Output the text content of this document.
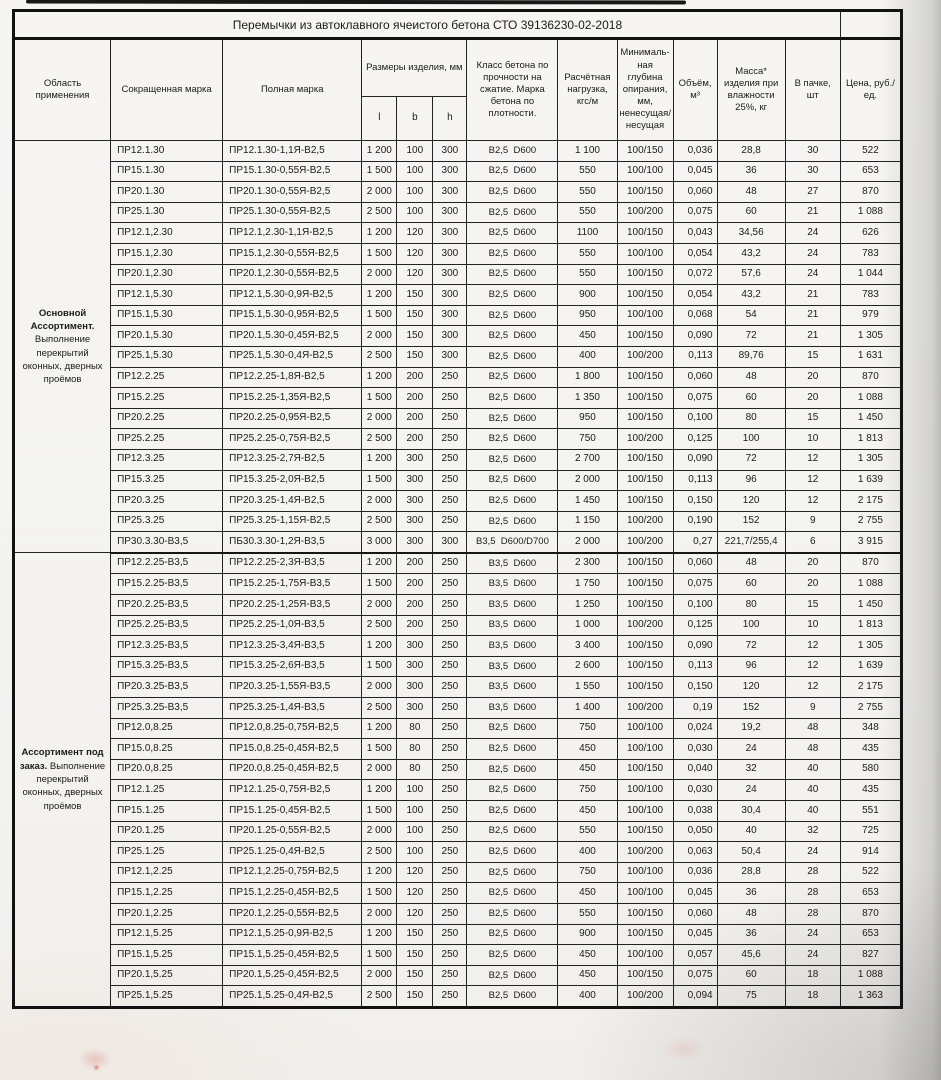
Перемычки из автоклавного ячеистого бетона СТО 39136230-02-2018												
Область применения	Сокращенная марка	Полная марка	Размеры изделия, мм			Класс бетона по прочности на сжатие. Марка бетона по плотности.	Расчётная нагрузка, кгс/м	Минималь-ная глубина опирания, мм, ненесущая/ несущая	Объём, м³	Масса* изделия при влажности 25%, кг	В пачке, шт	Цена, руб./ед.
			l	b	h							
Основной Ассортимент. Выполнение перекрытий оконных, дверных проёмов	ПР12.1.30	ПР12.1.30-1,1Я-В2,5	1 200	100	300	В2,5  D600	1 100	100/150	0,036	28,8	30	522
	ПР15.1.30	ПР15.1.30-0,55Я-В2,5	1 500	100	300	В2,5  D600	550	100/100	0,045	36	30	653
	ПР20.1.30	ПР20.1.30-0,55Я-В2,5	2 000	100	300	В2,5  D600	550	100/150	0,060	48	27	870
	ПР25.1.30	ПР25.1.30-0,55Я-В2,5	2 500	100	300	В2,5  D600	550	100/200	0,075	60	21	1 088
	ПР12.1,2.30	ПР12.1,2.30-1,1Я-В2,5	1 200	120	300	В2,5  D600	1100	100/150	0,043	34,56	24	626
	ПР15.1,2.30	ПР15.1,2.30-0,55Я-В2,5	1 500	120	300	В2,5  D600	550	100/100	0,054	43,2	24	783
	ПР20.1,2.30	ПР20.1,2.30-0,55Я-В2,5	2 000	120	300	В2,5  D600	550	100/150	0,072	57,6	24	1 044
	ПР12.1,5.30	ПР12.1,5.30-0,9Я-В2,5	1 200	150	300	В2,5  D600	900	100/150	0,054	43,2	21	783
	ПР15.1,5.30	ПР15.1,5.30-0,95Я-В2,5	1 500	150	300	В2,5  D600	950	100/100	0,068	54	21	979
	ПР20.1,5.30	ПР20.1,5.30-0,45Я-В2,5	2 000	150	300	В2,5  D600	450	100/150	0,090	72	21	1 305
	ПР25.1,5.30	ПР25.1,5.30-0,4Я-В2,5	2 500	150	300	В2,5  D600	400	100/200	0,113	89,76	15	1 631
	ПР12.2.25	ПР12.2.25-1,8Я-В2,5	1 200	200	250	В2,5  D600	1 800	100/150	0,060	48	20	870
	ПР15.2.25	ПР15.2.25-1,35Я-В2,5	1 500	200	250	В2,5  D600	1 350	100/150	0,075	60	20	1 088
	ПР20.2.25	ПР20.2.25-0,95Я-В2,5	2 000	200	250	В2,5  D600	950	100/150	0,100	80	15	1 450
	ПР25.2.25	ПР25.2.25-0,75Я-В2,5	2 500	200	250	В2,5  D600	750	100/200	0,125	100	10	1 813
	ПР12.3.25	ПР12.3.25-2,7Я-В2,5	1 200	300	250	В2,5  D600	2 700	100/150	0,090	72	12	1 305
	ПР15.3.25	ПР15.3.25-2,0Я-В2,5	1 500	300	250	В2,5  D600	2 000	100/150	0,113	96	12	1 639
	ПР20.3.25	ПР20.3.25-1,4Я-В2,5	2 000	300	250	В2,5  D600	1 450	100/150	0,150	120	12	2 175
	ПР25.3.25	ПР25.3.25-1,15Я-В2,5	2 500	300	250	В2,5  D600	1 150	100/200	0,190	152	9	2 755
	ПР30.3.30-В3,5	ПБ30.3.30-1,2Я-В3,5	3 000	300	300	В3,5  D600/D700	2 000	100/200	0,27	221,7/255,4	6	3 915
Ассортимент под заказ. Выполнение перекрытий оконных, дверных проёмов	ПР12.2.25-В3,5	ПР12.2.25-2,3Я-В3,5	1 200	200	250	В3,5  D600	2 300	100/150	0,060	48	20	870
	ПР15.2.25-В3,5	ПР15.2.25-1,75Я-В3,5	1 500	200	250	В3,5  D600	1 750	100/150	0,075	60	20	1 088
	ПР20.2.25-В3,5	ПР20.2.25-1,25Я-В3,5	2 000	200	250	В3,5  D600	1 250	100/150	0,100	80	15	1 450
	ПР25.2.25-В3,5	ПР25.2.25-1,0Я-В3,5	2 500	200	250	В3,5  D600	1 000	100/200	0,125	100	10	1 813
	ПР12.3.25-В3,5	ПР12.3.25-3,4Я-В3,5	1 200	300	250	В3,5  D600	3 400	100/150	0,090	72	12	1 305
	ПР15.3.25-В3,5	ПР15.3.25-2,6Я-В3,5	1 500	300	250	В3,5  D600	2 600	100/150	0,113	96	12	1 639
	ПР20.3.25-В3,5	ПР20.3.25-1,55Я-В3,5	2 000	300	250	В3,5  D600	1 550	100/150	0,150	120	12	2 175
	ПР25.3.25-В3,5	ПР25.3.25-1,4Я-В3,5	2 500	300	250	В3,5  D600	1 400	100/200	0,19	152	9	2 755
	ПР12.0,8.25	ПР12.0,8.25-0,75Я-В2,5	1 200	80	250	В2,5  D600	750	100/100	0,024	19,2	48	348
	ПР15.0,8.25	ПР15.0,8.25-0,45Я-В2,5	1 500	80	250	В2,5  D600	450	100/100	0,030	24	48	435
	ПР20.0,8.25	ПР20.0,8.25-0,45Я-В2,5	2 000	80	250	В2,5  D600	450	100/150	0,040	32	40	580
	ПР12.1.25	ПР12.1.25-0,75Я-В2,5	1 200	100	250	В2,5  D600	750	100/100	0,030	24	40	435
	ПР15.1.25	ПР15.1.25-0,45Я-В2,5	1 500	100	250	В2,5  D600	450	100/100	0,038	30,4	40	551
	ПР20.1.25	ПР20.1.25-0,55Я-В2,5	2 000	100	250	В2,5  D600	550	100/150	0,050	40	32	725
	ПР25.1.25	ПР25.1.25-0,4Я-В2,5	2 500	100	250	В2,5  D600	400	100/200	0,063	50,4	24	914
	ПР12.1,2.25	ПР12.1,2.25-0,75Я-В2,5	1 200	120	250	В2,5  D600	750	100/100	0,036	28,8	28	522
	ПР15.1,2.25	ПР15.1,2.25-0,45Я-В2,5	1 500	120	250	В2,5  D600	450	100/100	0,045	36	28	653
	ПР20.1,2.25	ПР20.1,2.25-0,55Я-В2,5	2 000	120	250	В2,5  D600	550	100/150	0,060	48	28	870
	ПР12.1,5.25	ПР12.1,5.25-0,9Я-В2,5	1 200	150	250	В2,5  D600	900	100/150	0,045	36	24	653
	ПР15.1,5.25	ПР15.1,5.25-0,45Я-В2,5	1 500	150	250	В2,5  D600	450	100/100	0,057	45,6	24	827
	ПР20.1,5.25	ПР20.1,5.25-0,45Я-В2,5	2 000	150	250	В2,5  D600	450	100/150	0,075	60	18	1 088
	ПР25.1,5.25	ПР25.1,5.25-0,4Я-В2,5	2 500	150	250	В2,5  D600	400	100/200	0,094	75	18	1 363
